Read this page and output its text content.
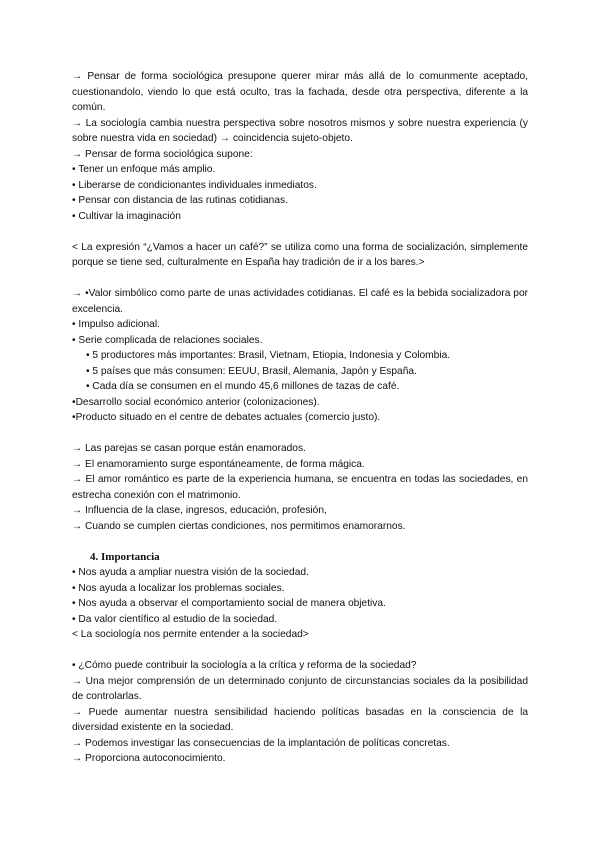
→ Pensar de forma sociológica presupone querer mirar más allá de lo comunmente aceptado, cuestionandolo, viendo lo que está oculto, tras la fachada, desde otra perspectiva, diferente a la común.

→ La sociología cambia nuestra perspectiva sobre nosotros mismos y sobre nuestra experiencia (y sobre nuestra vida en sociedad) → coincidencia sujeto-objeto.

→ Pensar de forma sociológica supone:

• Tener un enfoque más amplio.

• Liberarse de condicionantes individuales inmediatos.

• Pensar con distancia de las rutinas cotidianas.

• Cultivar la imaginación

< La expresión “¿Vamos a hacer un café?” se utiliza como una forma de socialización, simplemente porque se tiene sed, culturalmente en España hay tradición de ir a los bares.>

→ •Valor simbólico como parte de unas actividades cotidianas. El café es la bebida socializadora por excelencia.

• Impulso adicional.

• Serie complicada de relaciones sociales.

• 5 productores más importantes: Brasil, Vietnam, Etiopia, Indonesia y Colombia.

• 5 países que más consumen: EEUU, Brasil, Alemania, Japón y España.

• Cada día se consumen en el mundo 45,6 millones de tazas de café.

•Desarrollo social económico anterior (colonizaciones).

•Producto situado en el centre de debates actuales (comercio justo).

→ Las parejas se casan porque están enamorados.

→ El enamoramiento surge espontáneamente, de forma mágica.

→ El amor romántico es parte de la experiencia humana, se encuentra en todas las sociedades, en estrecha conexión con el matrimonio.

→ Influencia de la clase, ingresos, educación, profesión,

→ Cuando se cumplen ciertas condiciones, nos permitimos enamorarnos.

4. Importancia

• Nos ayuda a ampliar nuestra visión de la sociedad.

• Nos ayuda a localizar los problemas sociales.

• Nos ayuda a observar el comportamiento social de manera objetiva.

• Da valor científico al estudio de la sociedad.

< La sociología nos permite entender a la sociedad>

• ¿Cómo puede contribuir la sociología a la crítica y reforma de la sociedad?

→ Una mejor comprensión de un determinado conjunto de circunstancias sociales da la posibilidad de controlarlas.

→ Puede aumentar nuestra sensibilidad haciendo políticas basadas en la consciencia de la diversidad existente en la sociedad.

→ Podemos investigar las consecuencias de la implantación de políticas concretas.

→ Proporciona autoconocimiento.
